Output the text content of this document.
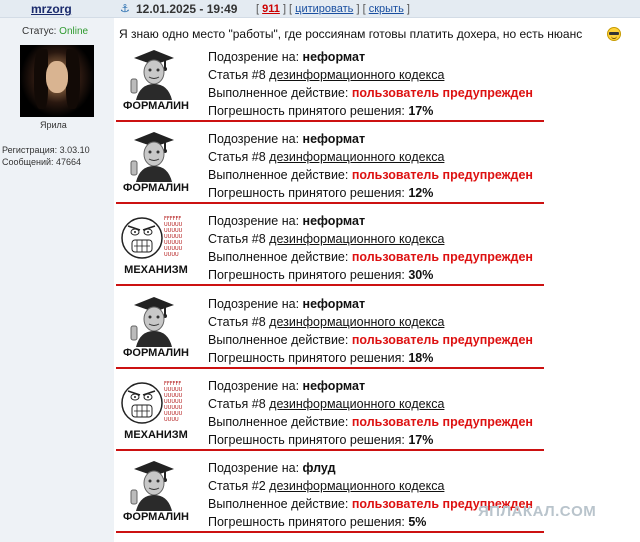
mrzorg	⚓ 12.01.2025 - 19:49 [ 911 ] [ цитировать ] [ скрыть ]
Статус: Online
Ярила
Регистрация: 3.03.10
Сообщений: 47664
Я знаю одно место "работы", где россиянам готовы платить дохера, но есть нюанс
ФОРМАЛИН
Подозрение на: неформат
Статья #8 дезинформационного кодекса
Выполненное действие: пользователь предупрежден
Погрешность принятого решения: 17%
ФОРМАЛИН
Подозрение на: неформат
Статья #8 дезинформационного кодекса
Выполненное действие: пользователь предупрежден
Погрешность принятого решения: 12%
FFFFFF
UUUUU
UUUUU
UUUUU
UUUUU
UUUUU
UUUU
МЕХАНИЗМ
Подозрение на: неформат
Статья #8 дезинформационного кодекса
Выполненное действие: пользователь предупрежден
Погрешность принятого решения: 30%
ФОРМАЛИН
Подозрение на: неформат
Статья #8 дезинформационного кодекса
Выполненное действие: пользователь предупрежден
Погрешность принятого решения: 18%
FFFFFF
UUUUU
UUUUU
UUUUU
UUUUU
UUUUU
UUUU
МЕХАНИЗМ
Подозрение на: неформат
Статья #8 дезинформационного кодекса
Выполненное действие: пользователь предупрежден
Погрешность принятого решения: 17%
ФОРМАЛИН
Подозрение на: флуд
Статья #2 дезинформационного кодекса
Выполненное действие: пользователь предупрежден
Погрешность принятого решения: 5%
ЯПЛАКАЛ.COM
